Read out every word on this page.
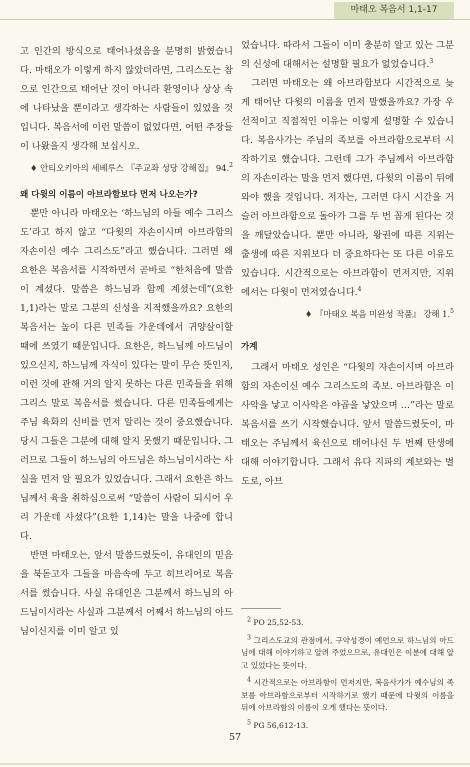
마태오 복음서 1,1-17

고 인간의 방식으로 태어나셨음을 분명히 밝혔습니다. 마태오가 이렇게 하지 않았더라면, 그리스도는 참으로 인간으로 태어난 것이 아니라 환영이나 상상 속에 나타났을 뿐이라고 생각하는 사람들이 있었을 것입니다. 복음서에 이런 말씀이 없었다면, 어떤 주장들이 나왔을지 생각해 보십시오.

♦ 안티오키아의 세베루스 『주교좌 성당 강해집』 94.$^2$
왜 다윗의 이름이 아브라함보다 먼저 나오는가?

뿐만 아니라 마태오는 ‘하느님의 아들 예수 그리스도’라고 하지 않고 “다윗의 자손이시며 아브라함의 자손이신 예수 그리스도”라고 했습니다. 그러면 왜 요한은 복음서를 시작하면서 곧바로 “한처음에 말씀이 계셨다. 말씀은 하느님과 함께 계셨는데”(요한 1,1)라는 말로 그분의 신성을 지적했을까요? 요한의 복음서는 높이 다른 민족들 가운데에서 귀양살이할 때에 쓰였기 때문입니다. 요한은, 하느님께 아드님이 있으신지, 하느님께 자식이 있다는 말이 무슨 뜻인지, 이런 것에 관해 거의 알지 못하는 다른 민족들을 위해 그리스 말로 복음서를 썼습니다. 다른 민족들에게는 주님 육화의 신비를 먼저 알리는 것이 중요했습니다. 당시 그들은 그분에 대해 알지 못했기 때문입니다. 그러므로 그들이 하느님의 아드님은 하느님이시라는 사실을 먼저 알 필요가 있었습니다. 그래서 요한은 하느님께서 육을 취하심으로써 “말씀이 사람이 되시어 우리 가운데 사셨다”(요한 1,14)는 말을 나중에 합니다.

반면 마태오는, 앞서 말씀드렸듯이, 유대인의 믿음을 북돋고자 그들을 마음속에 두고 히브리어로 복음서를 썼습니다. 사실 유대인은 그분께서 하느님의 아드님이시라는 사실과 그분께서 어째서 하느님의 아드님이신지를 이미 알고 있

었습니다. 따라서 그들이 이미 충분히 알고 있는 그분의 신성에 대해서는 설명할 필요가 없었습니다.$^3$

그러면 마태오는 왜 아브라함보다 시간적으로 늦게 태어난 다윗의 이름을 먼저 말했을까요? 가장 우선적이고 직접적인 이유는 이렇게 설명할 수 있습니다. 복음사가는 주님의 족보를 아브라함으로부터 시작하기로 했습니다. 그런데 그가 주님께서 아브라함의 자손이라는 말을 먼저 했다면, 다윗의 이름이 뒤에 와야 했을 것입니다. 저자는, 그러면 다시 시간을 거슬러 아브라함으로 돌아가 그를 두 번 꼽게 된다는 것을 깨달았습니다. 뿐만 아니라, 왕권에 따른 지위는 출생에 따른 지위보다 더 중요하다는 또 다른 이유도 있습니다. 시간적으로는 아브라함이 먼저지만, 지위에서는 다윗이 먼저였습니다.$^4$

♦ 『마태오 복음 미완성 작품』 강해 1.$^5$
가계

그래서 마태오 성인은 “다윗의 자손이시며 아브라함의 자손이신 예수 그리스도의 족보. 아브라함은 이사악을 낳고 이사악은 야곱을 낳았으며 …”라는 말로 복음서를 쓰기 시작했습니다. 앞서 말씀드렸듯이, 마태오는 주님께서 육신으로 태어나신 두 번째 탄생에 대해 이야기합니다. 그래서 유다 지파의 계보와는 별도로, 아브

$^2$ PO 25,52-53.

$^3$ 그리스도교의 관점에서, 구약성경이 예언으로 하느님의 아드님에 대해 이야기하고 알려 주었으므로, 유대인은 이분에 대해 알고 있었다는 뜻이다.

$^4$ 시간적으로는 아브라함이 먼저지만, 복음사가가 예수님의 족보를 아브라함으로부터 시작하기로 했기 때문에 다윗의 이름을 뒤에 아브라함의 이름이 오게 했다는 뜻이다.

$^5$ PG 56,612-13.

57
